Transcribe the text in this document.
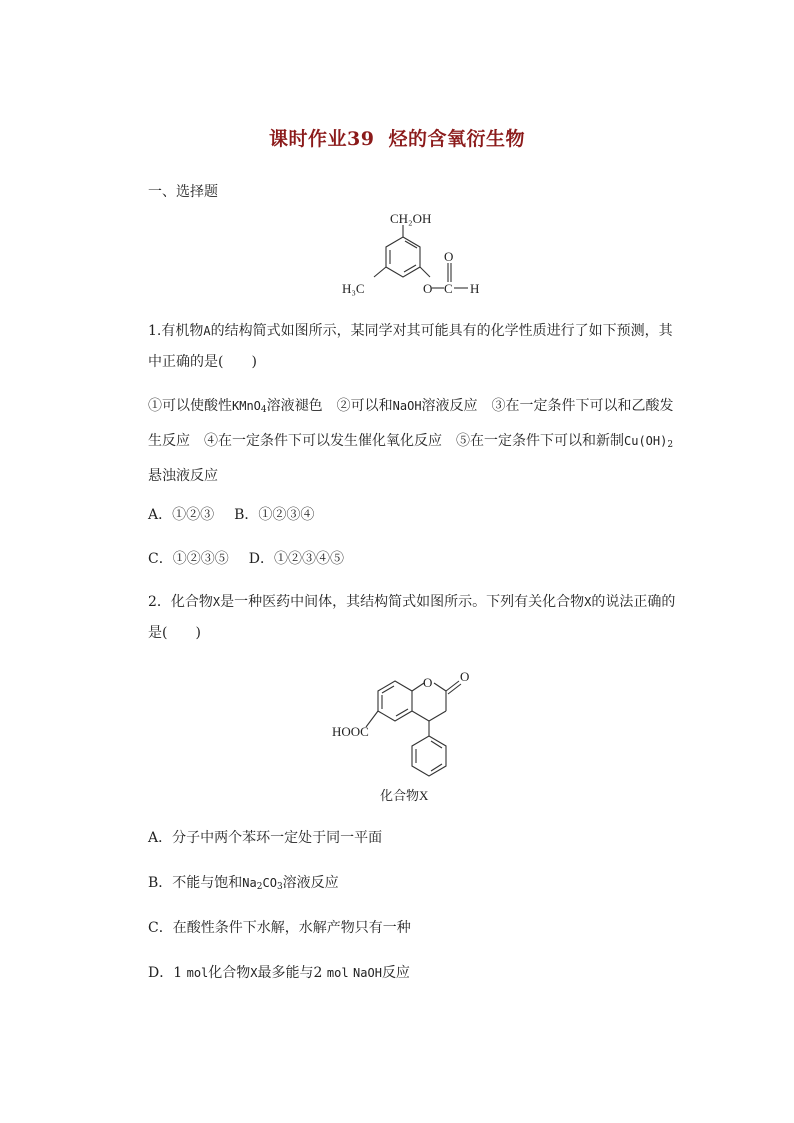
课时作业39 烃的含氧衍生物
一、选择题
CH₂OH
H₃C	O C H
O
1.有机物A的结构简式如图所示，某同学对其可能具有的化学性质进行了如下预测，其中正确的是(　　)
①可以使酸性KMnO$_4$溶液褪色　②可以和NaOH溶液反应　③在一定条件下可以和乙酸发生反应　④在一定条件下可以发生催化氧化反应　⑤在一定条件下可以和新制$Cu(OH)_2$悬浊液反应
A．①②③ B．①②③④
C．①②③⑤ D．①②③④⑤
2．化合物X是一种医药中间体，其结构简式如图所示。下列有关化合物X的说法正确的是(　　)
O O
HOOC
化合物X
A．分子中两个苯环一定处于同一平面
B．不能与饱和$Na_2CO_3$溶液反应
C．在酸性条件下水解，水解产物只有一种
D．1 mol化合物X最多能与2 mol NaOH反应
